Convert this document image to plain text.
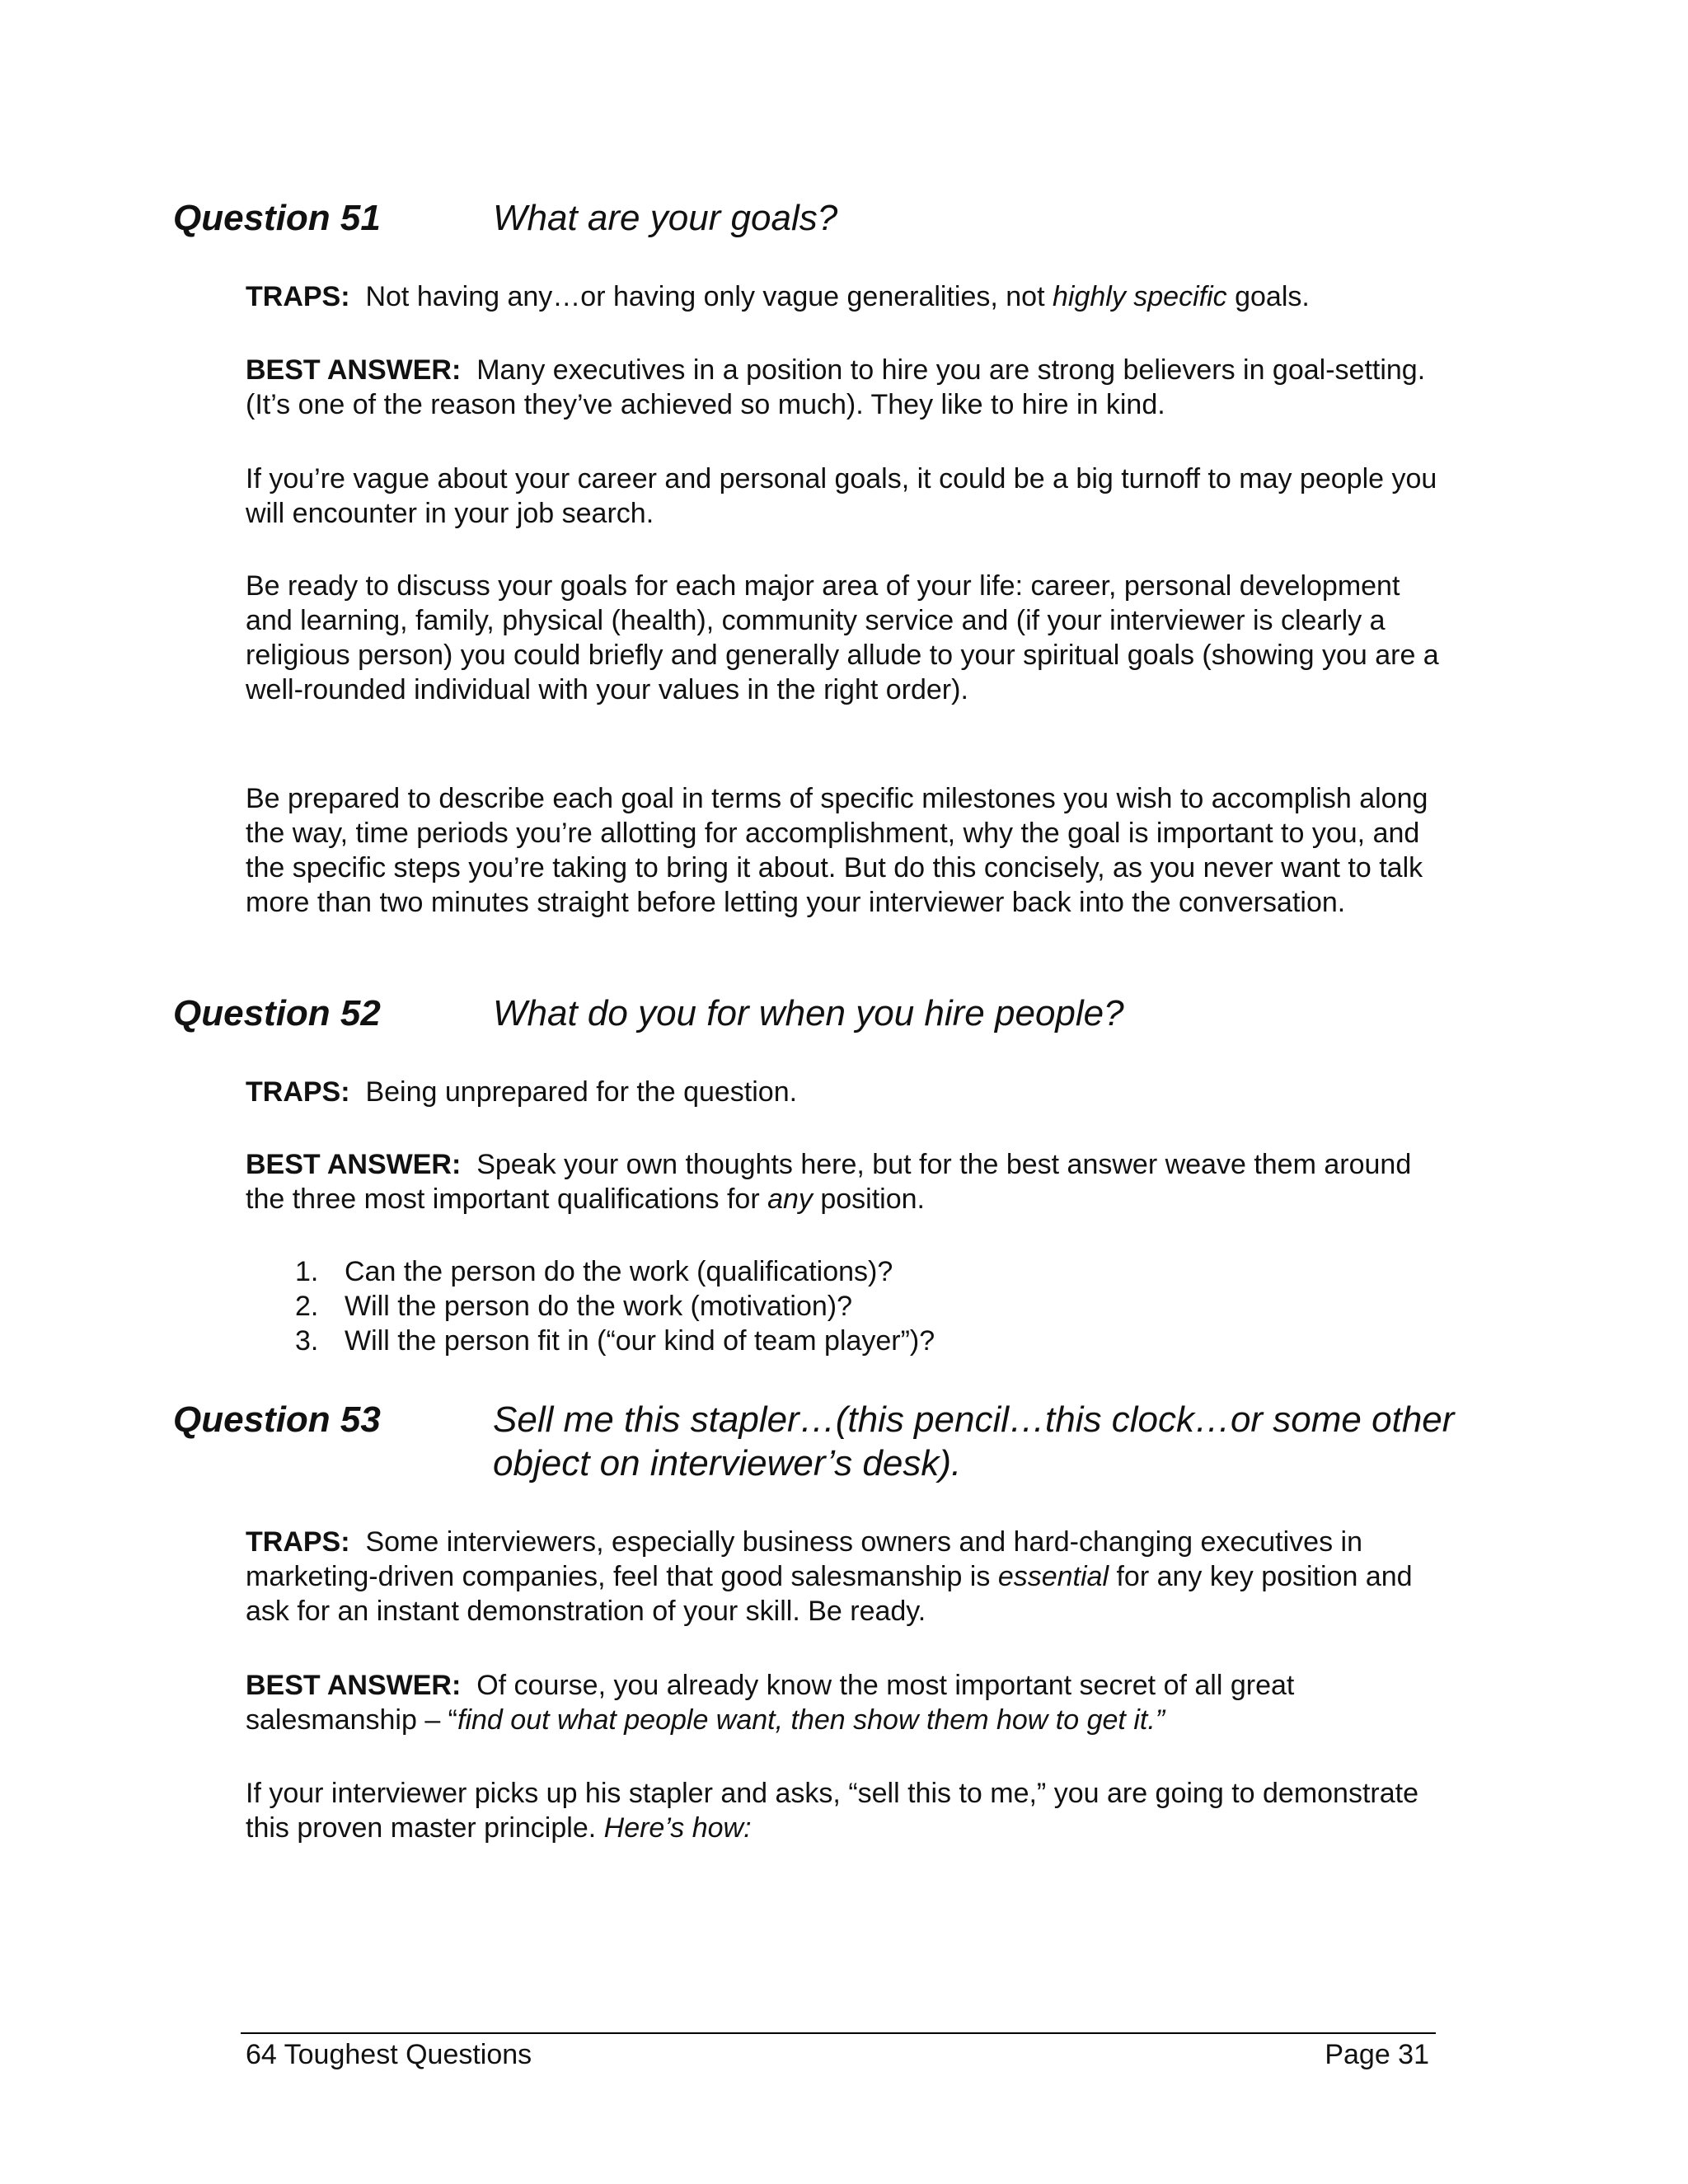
Question 51	What are your goals?

TRAPS: Not having any…or having only vague generalities, not highly specific goals.

BEST ANSWER: Many executives in a position to hire you are strong believers in goal-setting. (It’s one of the reason they’ve achieved so much). They like to hire in kind.

If you’re vague about your career and personal goals, it could be a big turnoff to may people you will encounter in your job search.

Be ready to discuss your goals for each major area of your life: career, personal development and learning, family, physical (health), community service and (if your interviewer is clearly a religious person) you could briefly and generally allude to your spiritual goals (showing you are a well-rounded individual with your values in the right order).

Be prepared to describe each goal in terms of specific milestones you wish to accomplish along the way, time periods you’re allotting for accomplishment, why the goal is important to you, and the specific steps you’re taking to bring it about. But do this concisely, as you never want to talk more than two minutes straight before letting your interviewer back into the conversation.

Question 52	What do you for when you hire people?

TRAPS: Being unprepared for the question.

BEST ANSWER: Speak your own thoughts here, but for the best answer weave them around the three most important qualifications for any position.

1. Can the person do the work (qualifications)?
2. Will the person do the work (motivation)?
3. Will the person fit in (“our kind of team player”)?
Question 53	Sell me this stapler…(this pencil…this clock…or some other object on interviewer’s desk).

TRAPS: Some interviewers, especially business owners and hard-changing executives in marketing-driven companies, feel that good salesmanship is essential for any key position and ask for an instant demonstration of your skill. Be ready.

BEST ANSWER: Of course, you already know the most important secret of all great salesmanship – “find out what people want, then show them how to get it.”

If your interviewer picks up his stapler and asks, “sell this to me,” you are going to demonstrate this proven master principle. Here’s how:

64 Toughest Questions	Page 31
